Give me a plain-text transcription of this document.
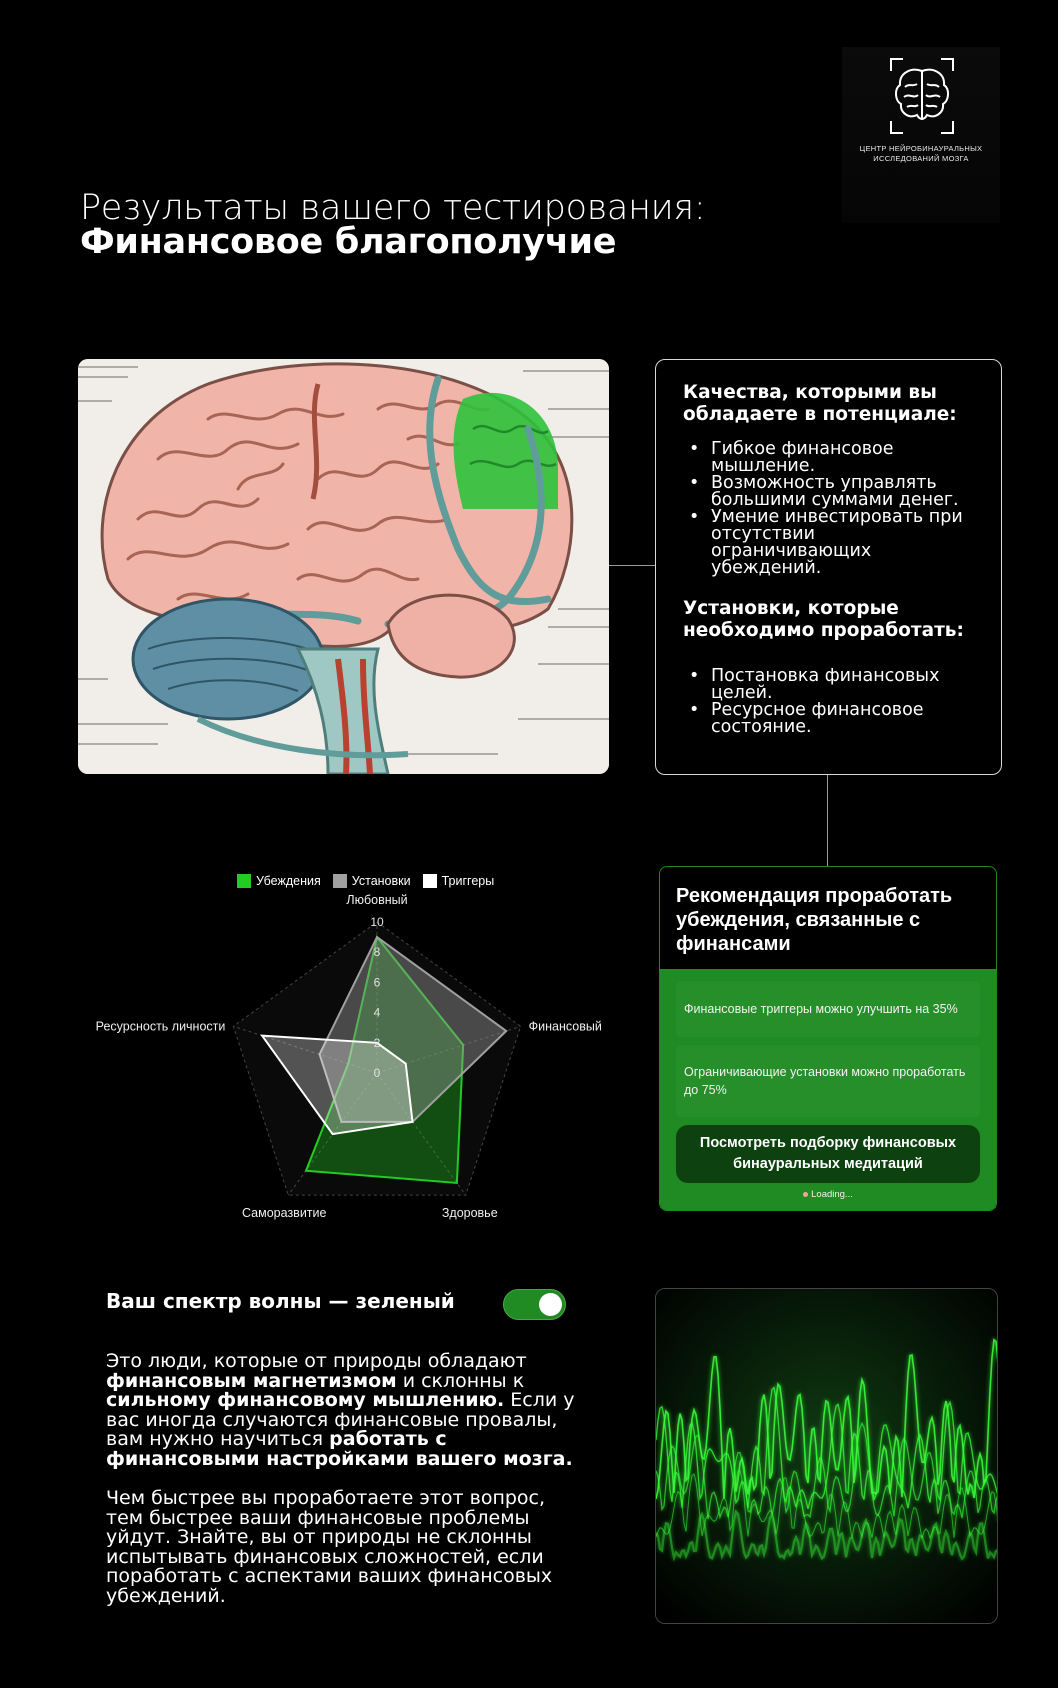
ЦЕНТР НЕЙРОБИНАУРАЛЬНЫХ
ИССЛЕДОВАНИЙ МОЗГА
Результаты вашего тестирования:
Финансовое благополучие
Качества, которыми вы обладаете в потенциале:
• Гибкое финансовое мышление.
• Возможность управлять большими суммами денег.
• Умение инвестировать при отсутствии ограничивающих убеждений.
Установки, которые необходимо проработать:
• Постановка финансовых целей.
• Ресурсное финансовое состояние.
Убеждения Установки Триггеры
0
2
4
6
8
10
Любовный
Финансовый
Здоровье
Саморазвитие
Ресурсность личности
Рекомендация проработать убеждения, связанные с финансами
Финансовые триггеры можно улучшить на 35%
Ограничивающие установки можно проработать до 75%
Посмотреть подборку финансовых бинауральных медитаций
Loading...
Ваш спектр волны — зеленый

Это люди, которые от природы обладают финансовым магнетизмом и склонны к сильному финансовому мышлению. Если у вас иногда случаются финансовые провалы, вам нужно научиться работать с финансовыми настройками вашего мозга.

Чем быстрее вы проработаете этот вопрос, тем быстрее ваши финансовые проблемы уйдут. Знайте, вы от природы не склонны испытывать финансовых сложностей, если поработать с аспектами ваших финансовых убеждений.
